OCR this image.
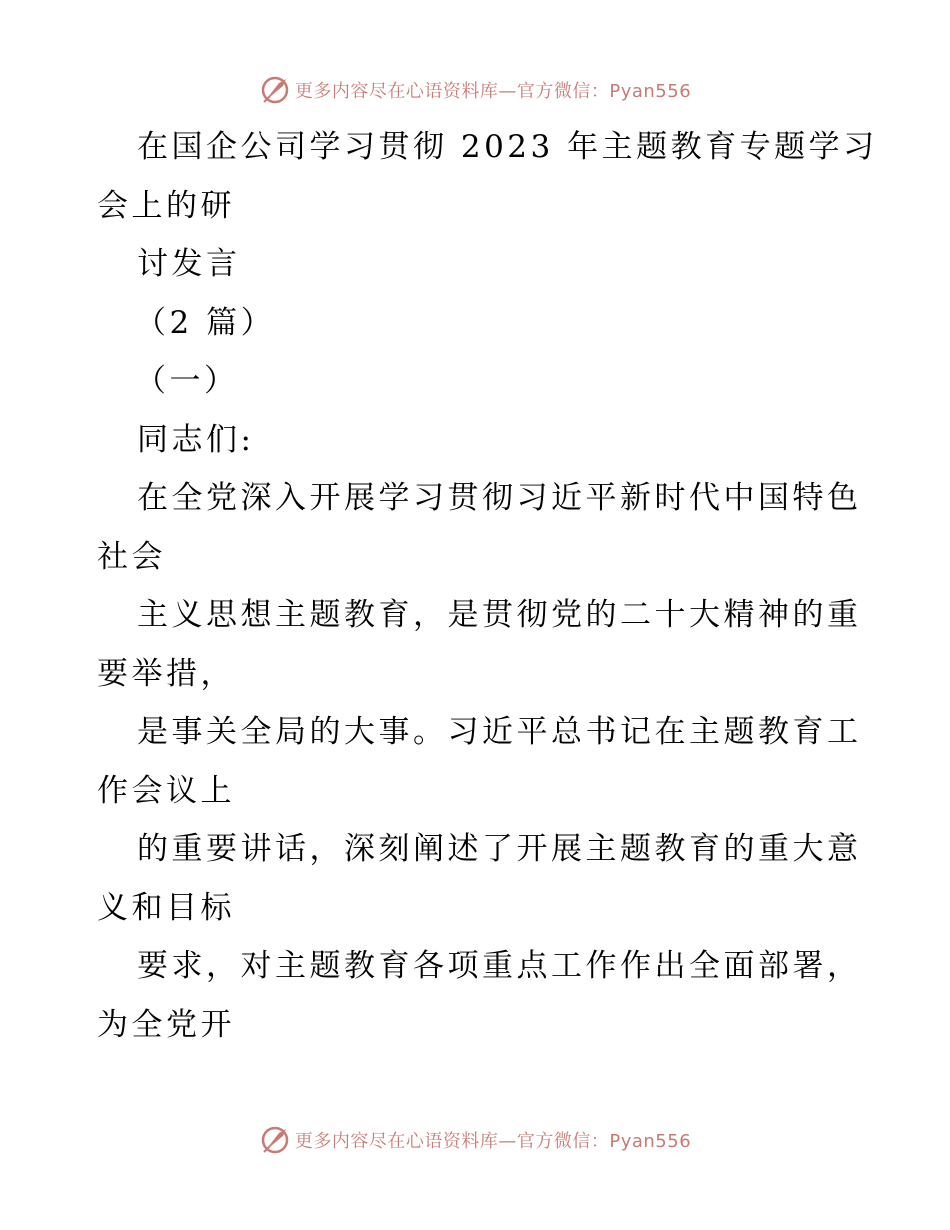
更多内容尽在心语资料库—官方微信：Pyan556
在国企公司学习贯彻 2023 年主题教育专题学习
会上的研
讨发言
（2 篇）
（一）
同志们:
在全党深入开展学习贯彻习近平新时代中国特色
社会
主义思想主题教育，是贯彻党的二十大精神的重
要举措，
是事关全局的大事。习近平总书记在主题教育工
作会议上
的重要讲话，深刻阐述了开展主题教育的重大意
义和目标
要求，对主题教育各项重点工作作出全面部署，
为全党开
更多内容尽在心语资料库—官方微信：Pyan556
